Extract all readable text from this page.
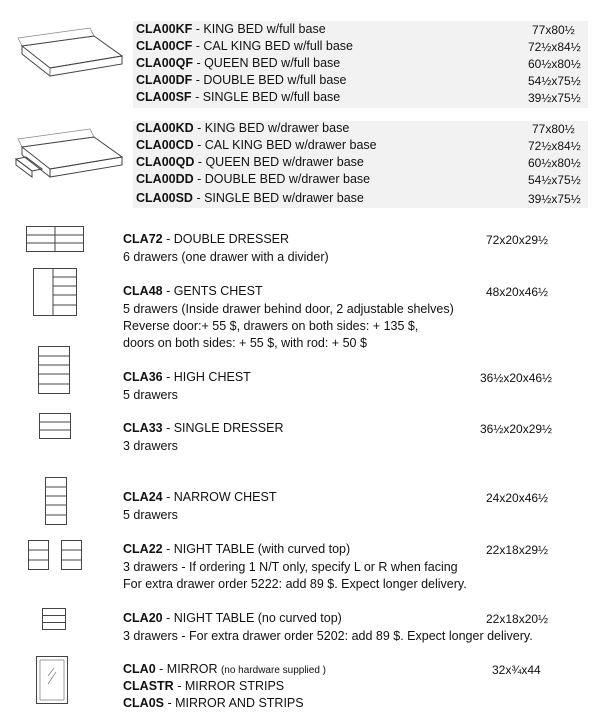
CLA00KF - KING BED w/full base	77x80½
CLA00CF - CAL KING BED w/full base	72½x84½
CLA00QF - QUEEN BED w/full base	60½x80½
CLA00DF - DOUBLE BED w/full base	54½x75½
CLA00SF - SINGLE BED w/full base	39½x75½
CLA00KD - KING BED w/drawer base	77x80½
CLA00CD - CAL KING BED w/drawer base	72½x84½
CLA00QD - QUEEN BED w/drawer base	60½x80½
CLA00DD - DOUBLE BED w/drawer base	54½x75½
CLA00SD - SINGLE BED w/drawer base	39½x75½
CLA72 - DOUBLE DRESSER	72x20x29½
6 drawers (one drawer with a divider)
CLA48 - GENTS CHEST	48x20x46½
5 drawers (Inside drawer behind door, 2 adjustable shelves)
Reverse door:+ 55 $, drawers on both sides: + 135 $,
doors on both sides: + 55 $, with rod: + 50 $
CLA36 - HIGH CHEST	36½x20x46½
5 drawers
CLA33 - SINGLE DRESSER	36½x20x29½
3 drawers
CLA24 - NARROW CHEST	24x20x46½
5 drawers
CLA22 - NIGHT TABLE (with curved top)	22x18x29½
3 drawers - If ordering 1 N/T only, specify L or R when facing
For extra drawer order 5222: add 89 $. Expect longer delivery.
CLA20 - NIGHT TABLE (no curved top)	22x18x20½
3 drawers - For extra drawer order 5202: add 89 $. Expect longer delivery.
CLA0 - MIRROR (no hardware supplied )	32x¾x44
CLASTR - MIRROR STRIPS
CLA0S - MIRROR AND STRIPS
